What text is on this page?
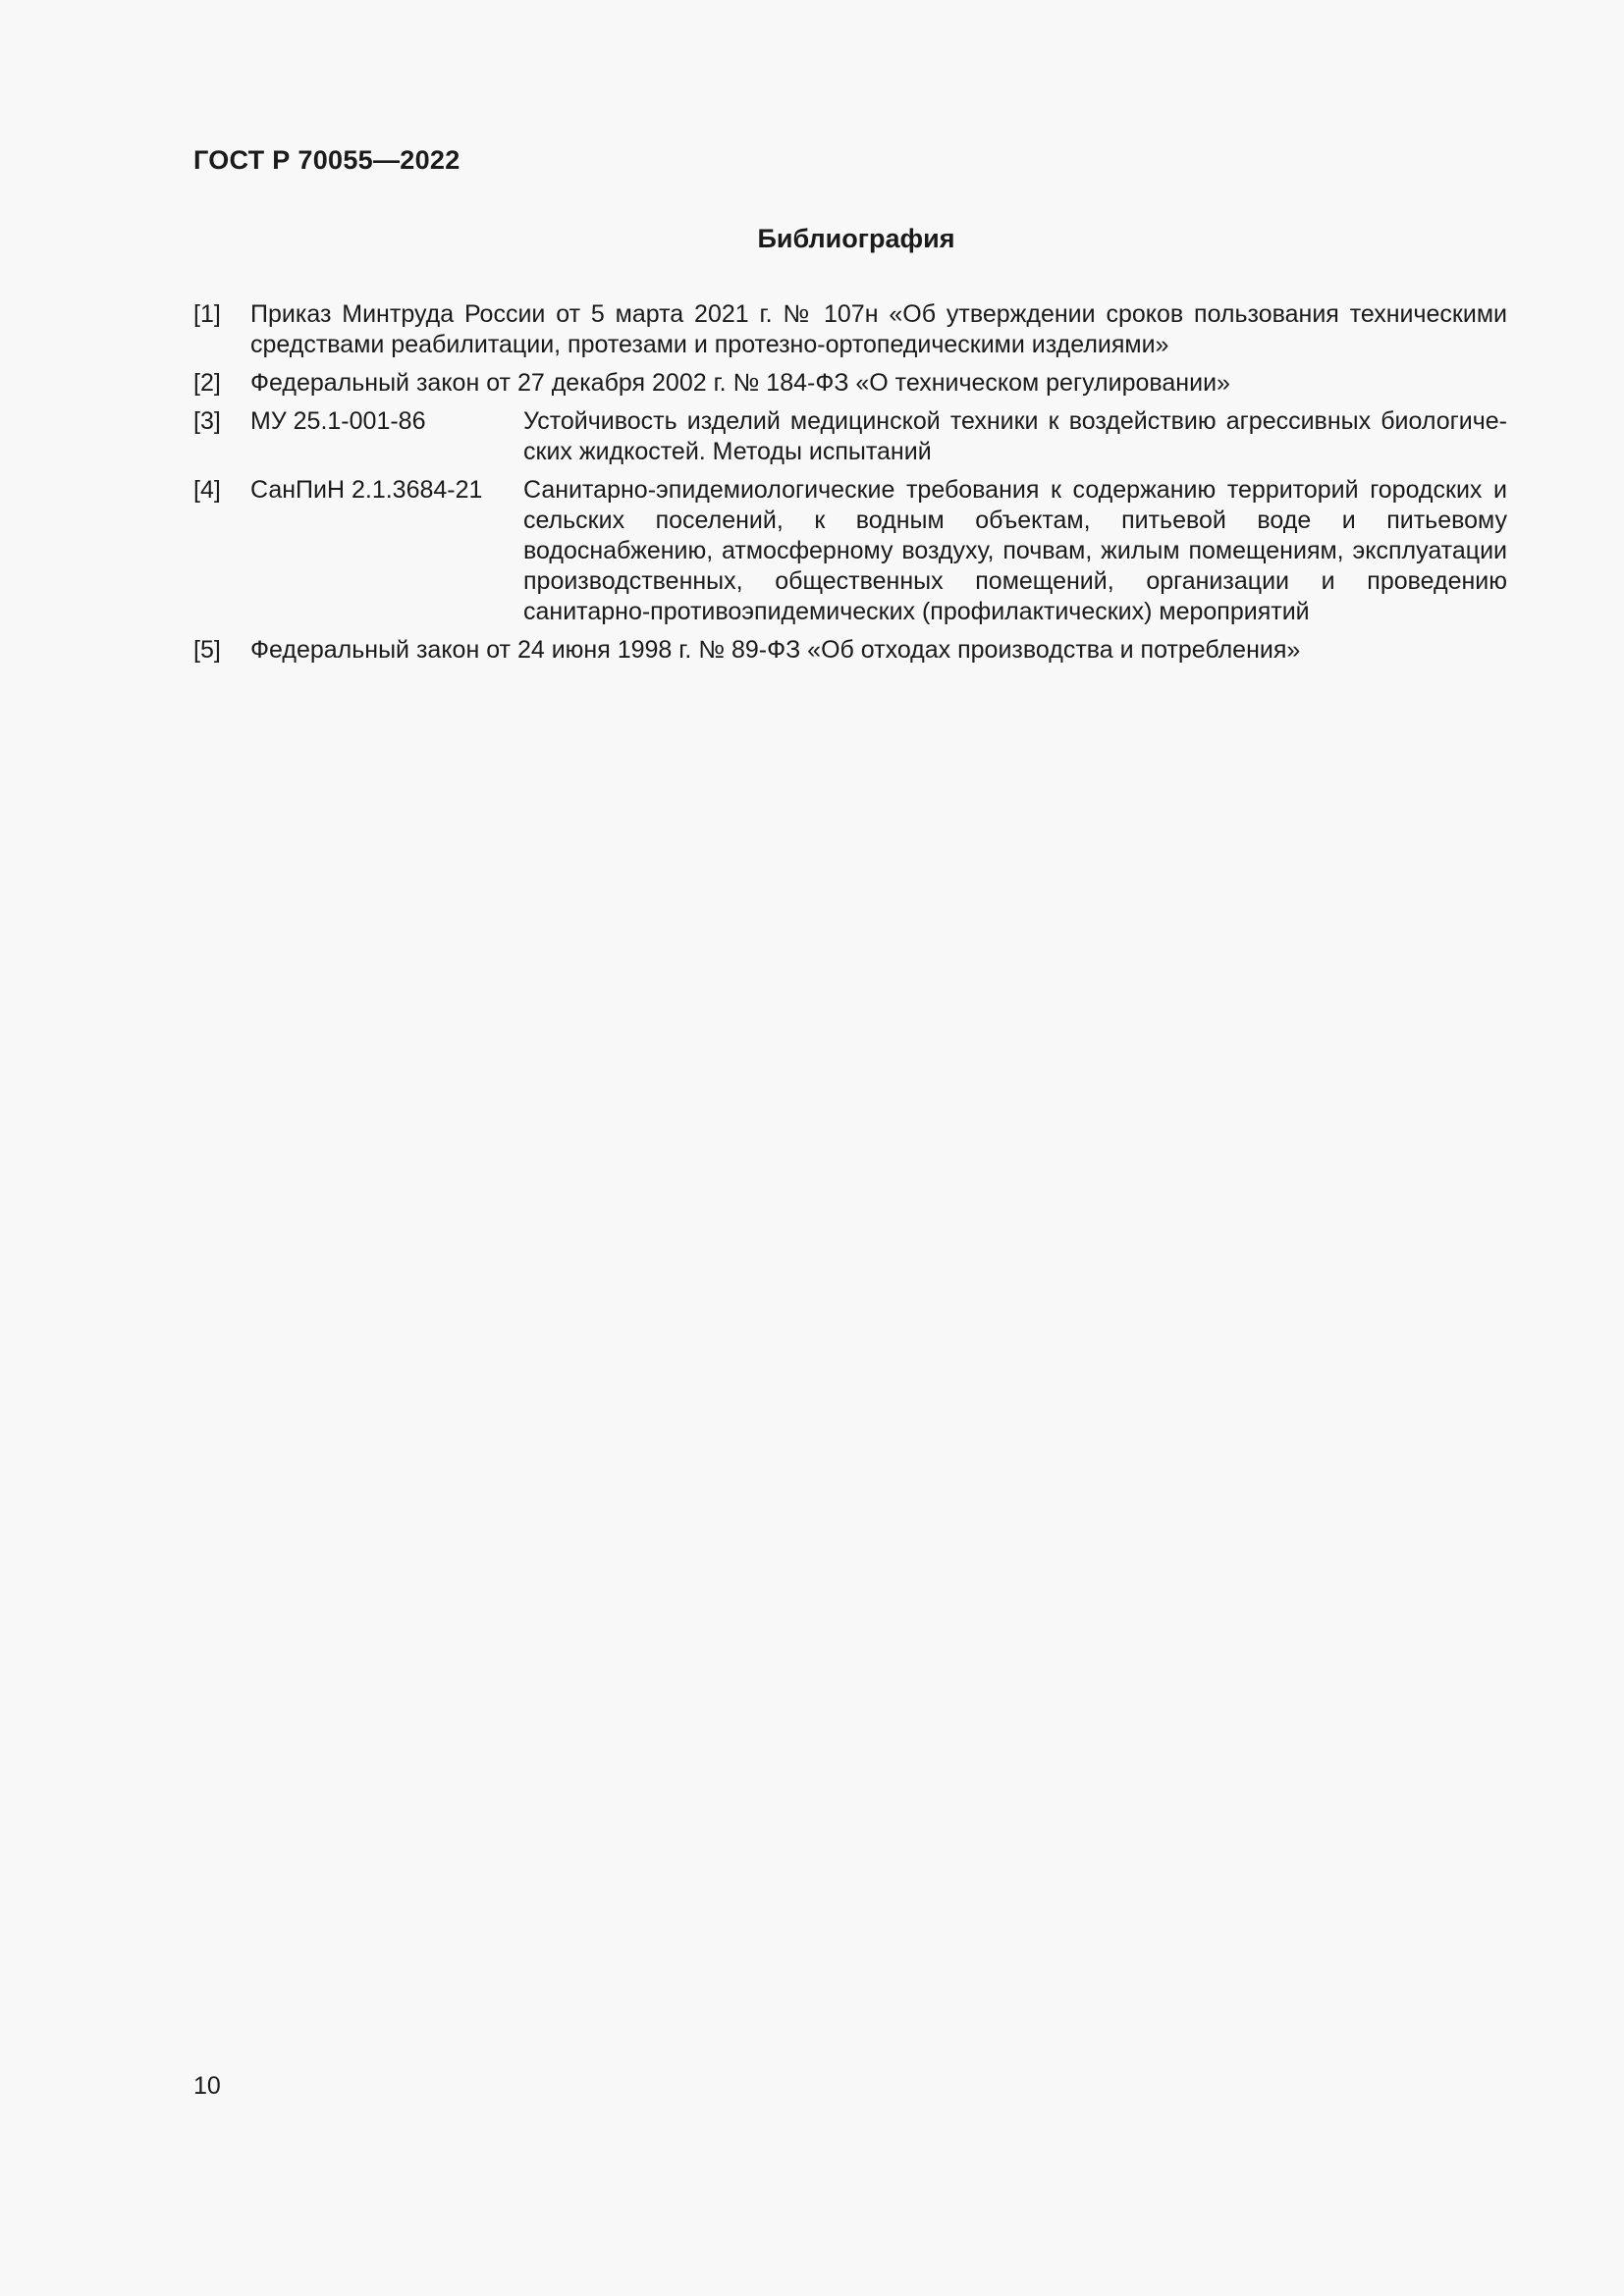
ГОСТ Р 70055—2022
Библиография
[1] Приказ Минтруда России от 5 марта 2021 г. № 107н «Об утверждении сроков пользования техническими средствами реабилитации, протезами и протезно-ортопедическими изделиями»
[2] Федеральный закон от 27 декабря 2002 г. № 184-ФЗ «О техническом регулировании»
[3] МУ 25.1-001-86	Устойчивость изделий медицинской техники к воздействию агрессивных биологических жидкостей. Методы испытаний
[4] СанПиН 2.1.3684-21 Санитарно-эпидемиологические требования к содержанию территорий городских и сельских поселений, к водным объектам, питьевой воде и питьевому водоснабжению, атмосферному воздуху, почвам, жилым помещениям, эксплуатации производственных, общественных помещений, организации и проведению санитарно-противоэпидемических (профилактических) мероприятий
[5] Федеральный закон от 24 июня 1998 г. № 89-ФЗ «Об отходах производства и потребления»
10
